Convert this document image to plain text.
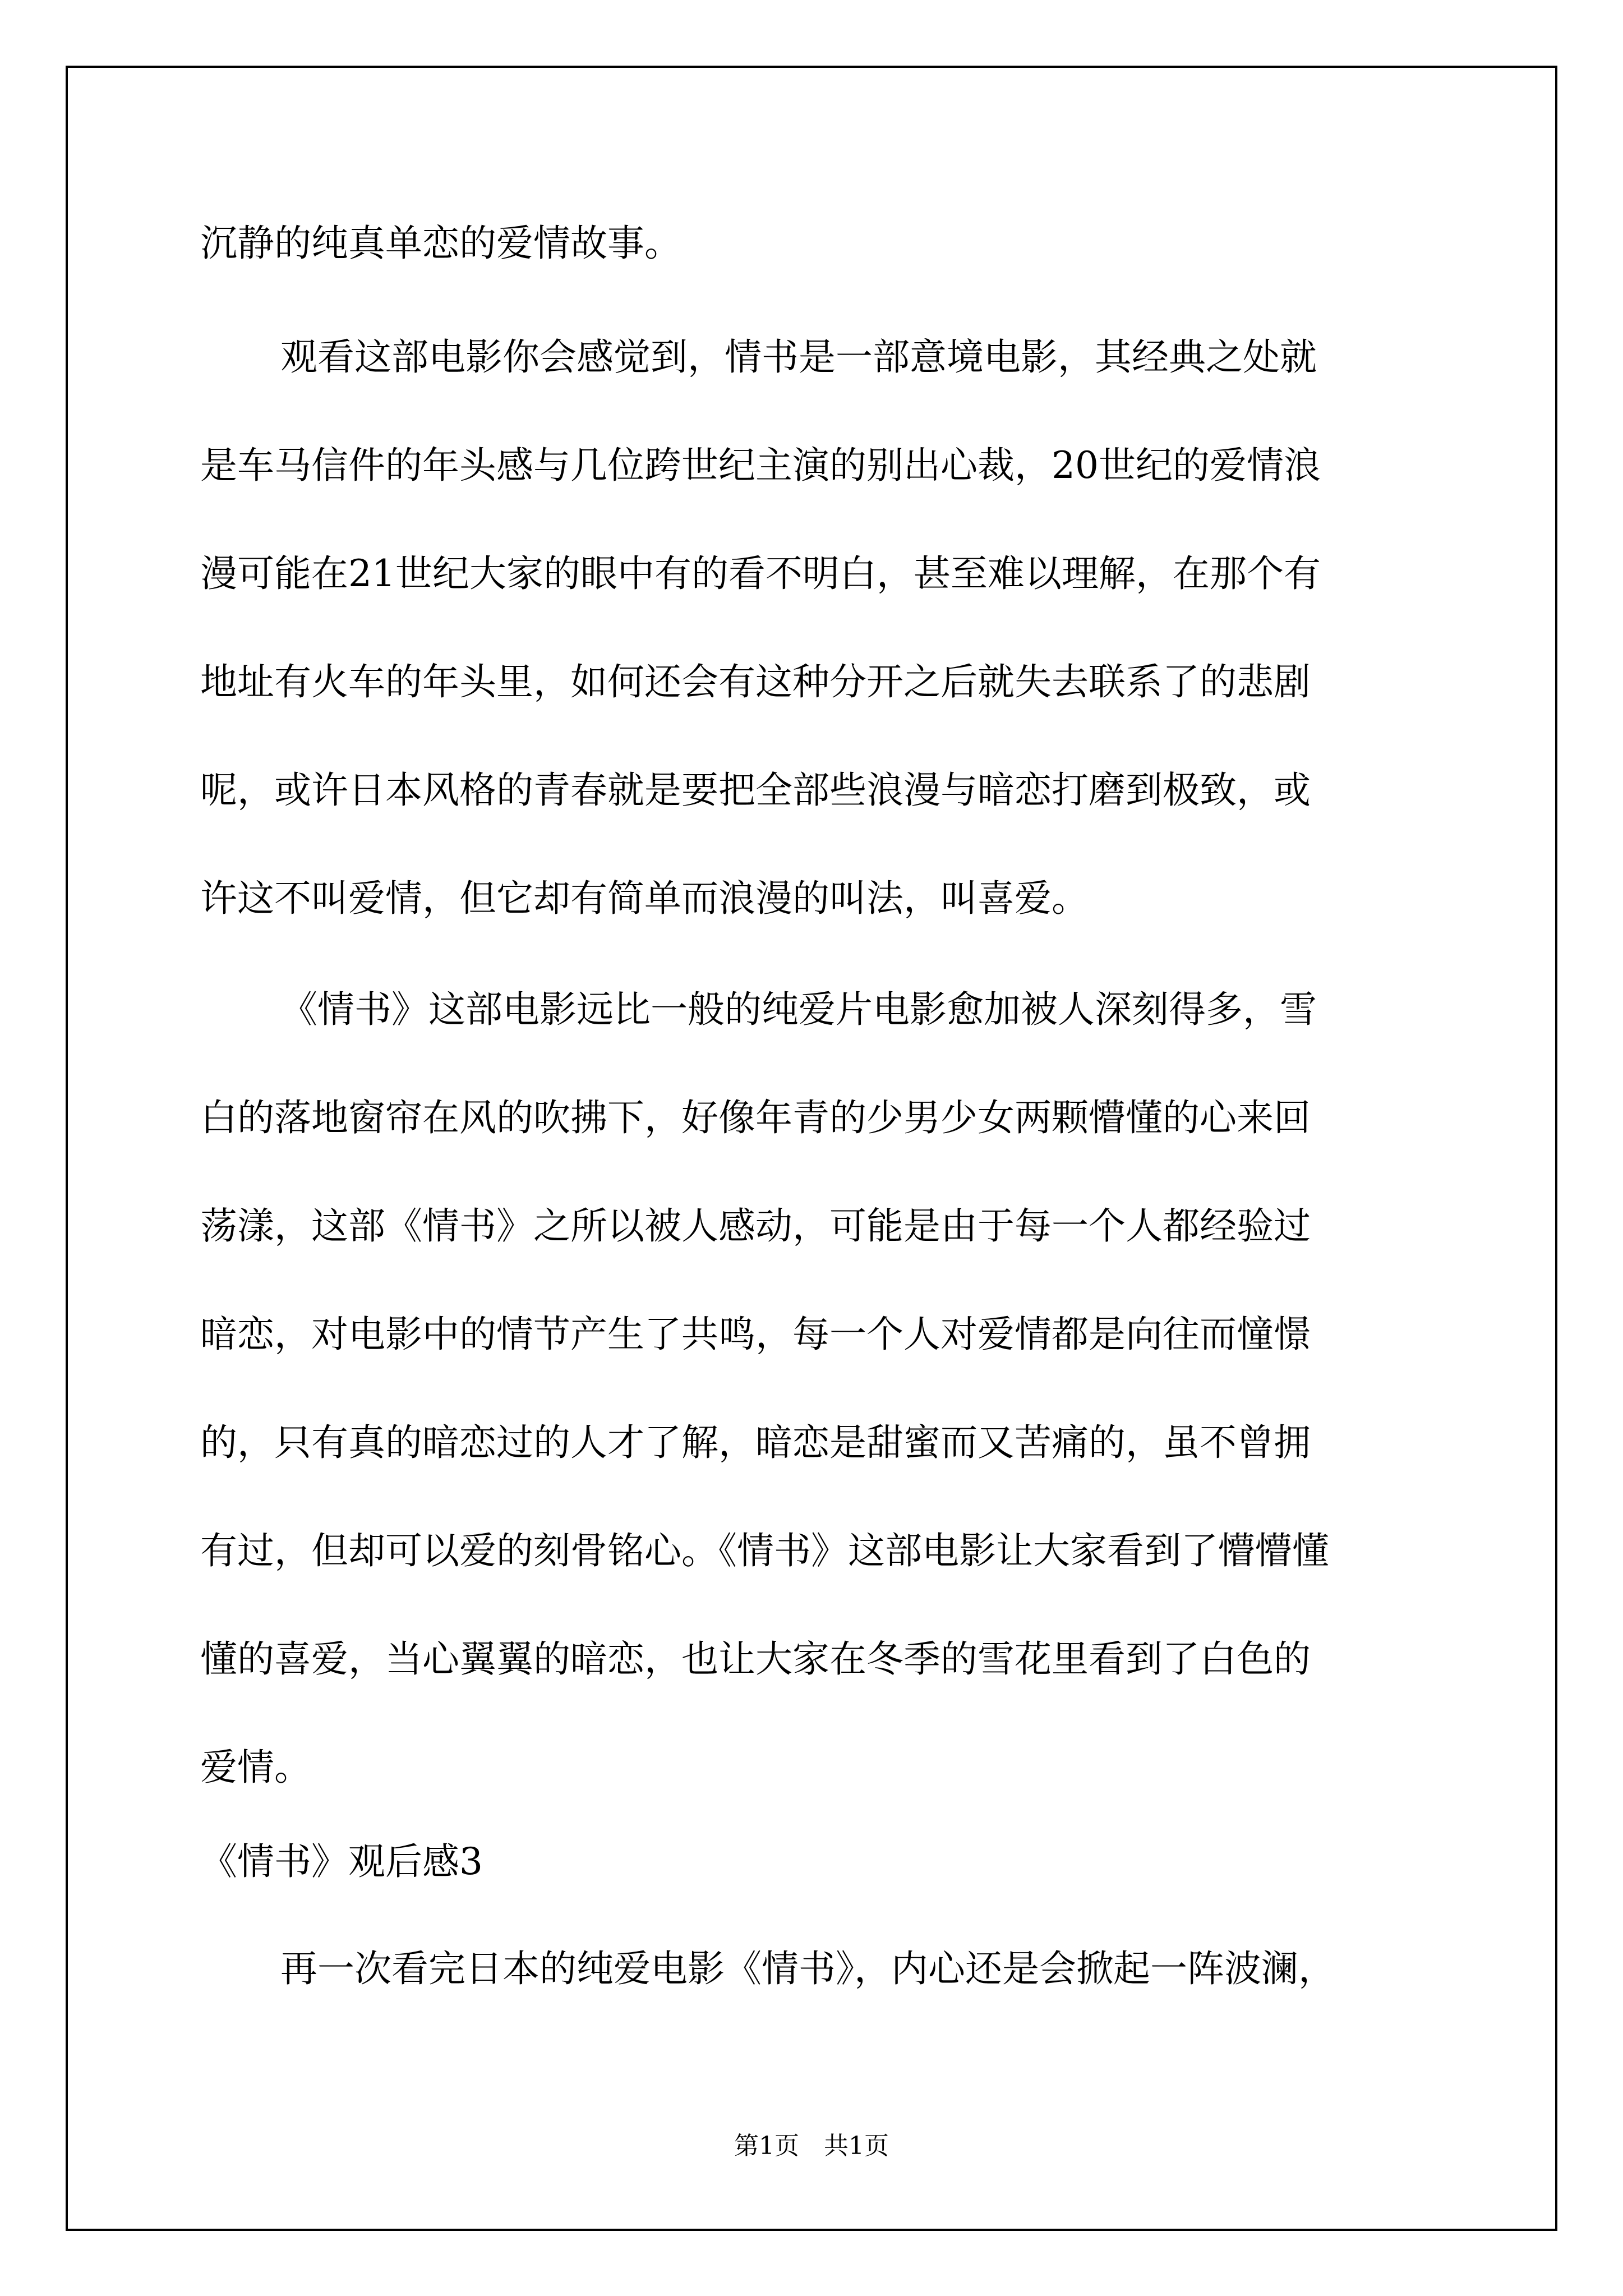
沉静的纯真单恋的爱情故事。
观看这部电影你会感觉到，情书是一部意境电影，其经典之处就
是车马信件的年头感与几位跨世纪主演的别出心裁，20世纪的爱情浪
漫可能在21世纪大家的眼中有的看不明白，甚至难以理解，在那个有
地址有火车的年头里，如何还会有这种分开之后就失去联系了的悲剧
呢，或许日本风格的青春就是要把全部些浪漫与暗恋打磨到极致，或
许这不叫爱情，但它却有简单而浪漫的叫法，叫喜爱。
《情书》这部电影远比一般的纯爱片电影愈加被人深刻得多，雪
白的落地窗帘在风的吹拂下，好像年青的少男少女两颗懵懂的心来回
荡漾，这部《情书》之所以被人感动，可能是由于每一个人都经验过
暗恋，对电影中的情节产生了共鸣，每一个人对爱情都是向往而憧憬
的，只有真的暗恋过的人才了解，暗恋是甜蜜而又苦痛的，虽不曾拥
有过，但却可以爱的刻骨铭心。《情书》这部电影让大家看到了懵懵懂
懂的喜爱，当心翼翼的暗恋，也让大家在冬季的雪花里看到了白色的
爱情。
《情书》观后感3
再一次看完日本的纯爱电影《情书》，内心还是会掀起一阵波澜，
第1页　共1页
